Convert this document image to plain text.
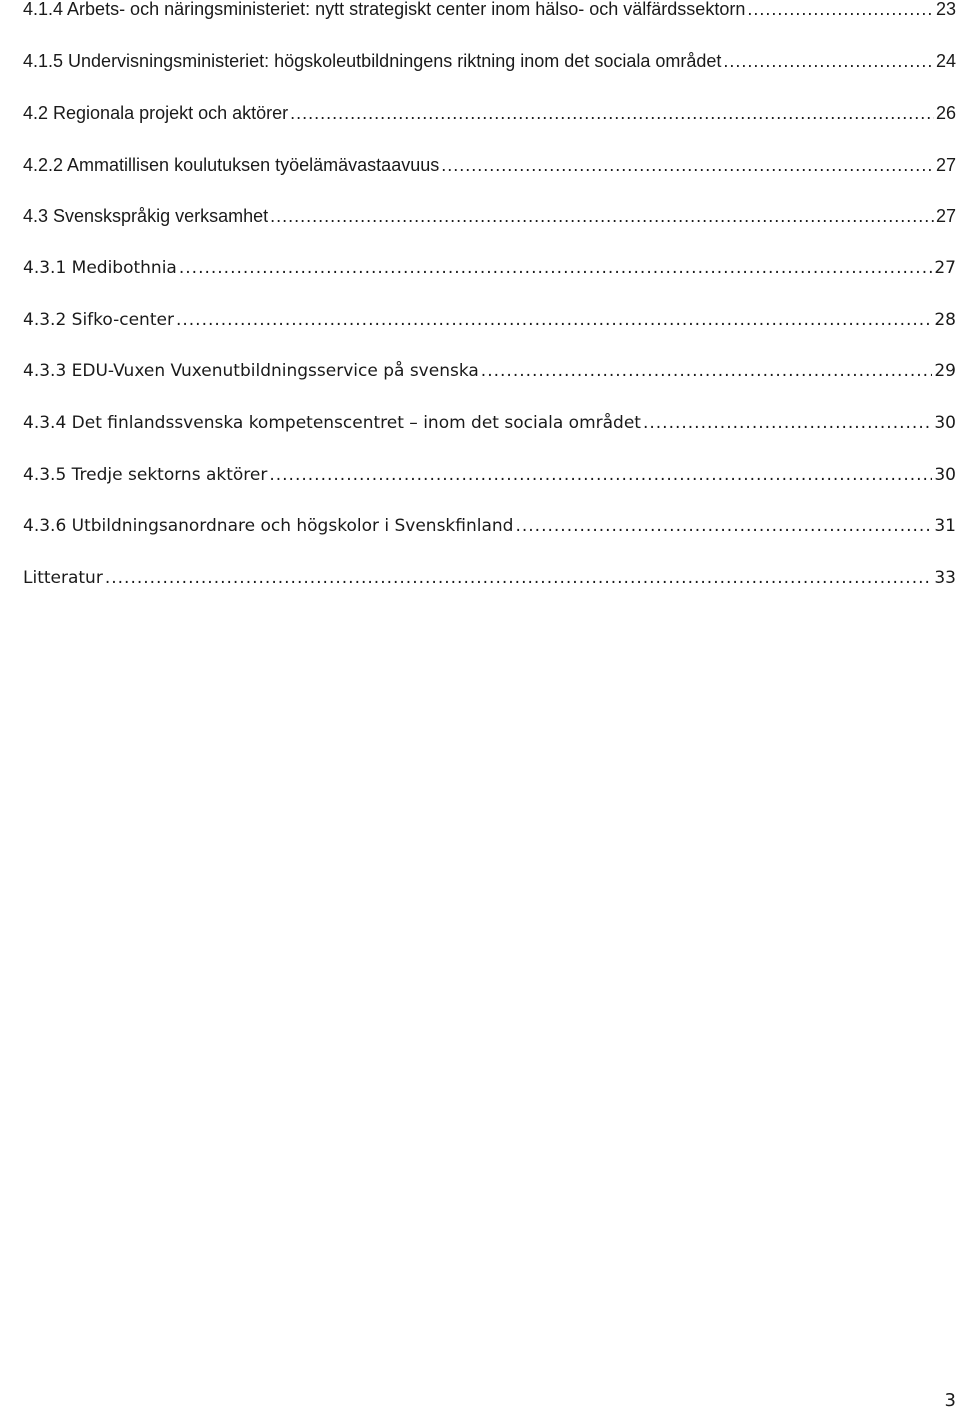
4.1.4 Arbets- och näringsministeriet: nytt strategiskt center inom hälso- och välfärdssektorn .....	23
4.1.5 Undervisningsministeriet: högskoleutbildningens riktning inom det sociala området .....	24
4.2 Regionala projekt och aktörer .....	26
4.2.2 Ammatillisen koulutuksen työelämävastaavuus .....	27
4.3 Svenskspråkig verksamhet .....	27
4.3.1 Medibothnia .....	27
4.3.2 Sifko-center .....	28
4.3.3 EDU-Vuxen Vuxenutbildningsservice på svenska .....	29
4.3.4 Det finlandssvenska kompetenscentret – inom det sociala området .....	30
4.3.5 Tredje sektorns aktörer .....	30
4.3.6 Utbildningsanordnare och högskolor i Svenskfinland .....	31
Litteratur .....	33
3
